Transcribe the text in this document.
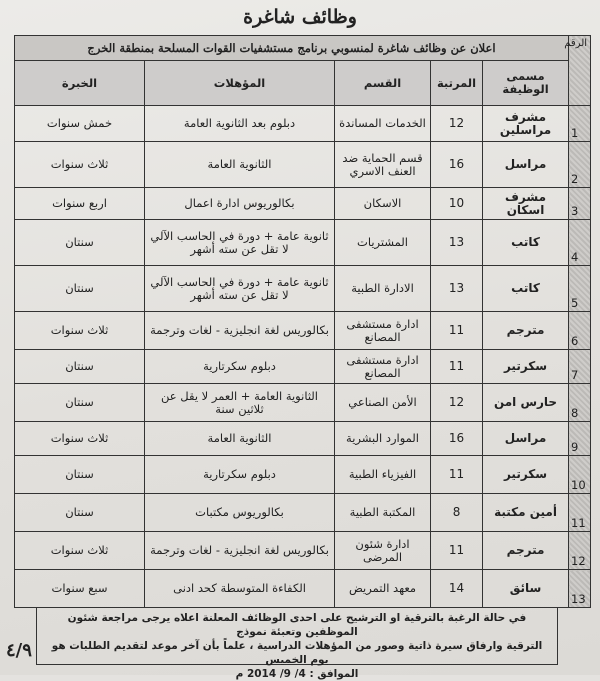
وظائف شاغرة
الرقم	اعلان عن وظائف شاغرة لمنسوبي برنامج مستشفيات القوات المسلحة بمنطقة الخرج				
	مسمى الوظيفة	المرتبة	القسم	المؤهلات	الخبرة
1	مشرف مراسلين	12	الخدمات المساندة	دبلوم بعد الثانوية العامة	خمش سنوات
2	مراسل	16	قسم الحماية ضد العنف الاسري	الثانوية العامة	ثلاث سنوات
3	مشرف اسكان	10	الاسكان	بكالوريوس ادارة اعمال	اربع سنوات
4	كاتب	13	المشتريات	ثانوية عامة + دورة في الحاسب الآلي لا تقل عن سته أشهر	سنتان
5	كاتب	13	الادارة الطبية	ثانوية عامة + دورة في الحاسب الآلي لا تقل عن سته أشهر	سنتان
6	مترجم	11	ادارة مستشفى المصانع	بكالوريس لغة انجليزية - لغات وترجمة	ثلاث سنوات
7	سكرتير	11	ادارة مستشفى المصانع	دبلوم سكرتارية	سنتان
8	حارس امن	12	الأمن الصناعي	الثانوية العامة + العمر لا يقل عن ثلاثين سنة	سنتان
9	مراسل	16	الموارد البشرية	الثانوية العامة	ثلاث سنوات
10	سكرتير	11	الفيزياء الطبية	دبلوم سكرتارية	سنتان
11	أمين مكتبة	8	المكتبة الطبية	بكالوريوس مكتبات	سنتان
12	مترجم	11	ادارة شئون المرضى	بكالوريس لغة انجليزية - لغات وترجمة	ثلاث سنوات
13	سائق	14	معهد التمريض	الكفاءة المتوسطة كحد ادنى	سبع سنوات
في حالة الرغبة بالترقية او الترشيح على احدى الوظائف المعلنة اعلاه يرجى مراجعة شئون الموظفين وتعبئة نموذج
الترقية وارفاق سيرة ذاتية وصور من المؤهلات الدراسية ، علماً بأن آخر موعد لتقديم الطلبات هو يوم الخميس
الموافق : 4/ 9/ 2014 م
٤/٩
